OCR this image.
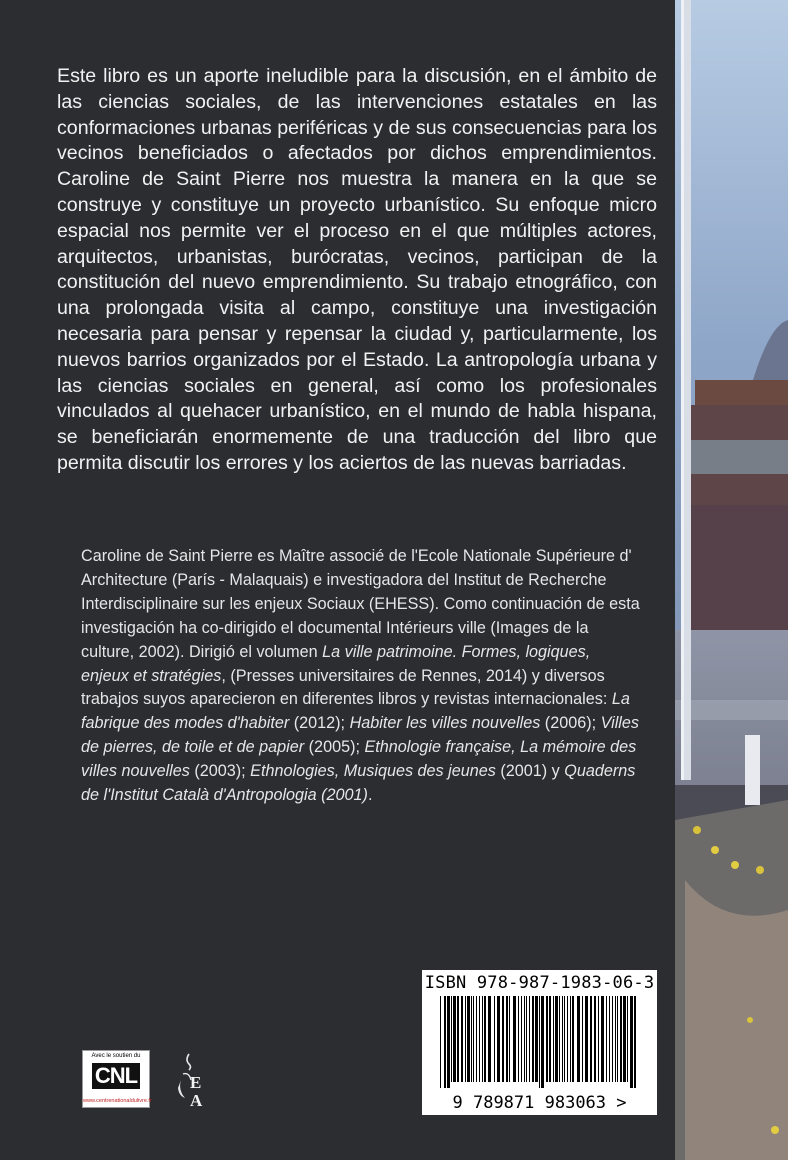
Este libro es un aporte ineludible para la discusión, en el ámbito de las ciencias sociales, de las intervenciones estatales en las conformaciones urbanas periféricas y de sus consecuencias para los vecinos beneficiados o afectados por dichos emprendimientos. Caroline de Saint Pierre nos muestra la manera en la que se construye y constituye un proyecto urbanístico. Su enfoque micro espacial nos permite ver el proceso en el que múltiples actores, arquitectos, urbanistas, burócratas, vecinos, participan de la constitución del nuevo emprendimiento. Su trabajo etnográfico, con una prolongada visita al campo, constituye una investigación necesaria para pensar y repensar la ciudad y, particularmente, los nuevos barrios organizados por el Estado. La antropología urbana y las ciencias sociales en general, así como los profesionales vinculados al quehacer urbanístico, en el mundo de habla hispana, se beneficiarán enormemente de una traducción del libro que permita discutir los errores y los aciertos de las nuevas barriadas.

Caroline de Saint Pierre es Maître associé de l'Ecole Nationale Supérieure d' Architecture (París - Malaquais) e investigadora del Institut de Recherche Interdisciplinaire sur les enjeux Sociaux (EHESS). Como continuación de esta investigación ha co-dirigido el documental Intérieurs ville (Images de la culture, 2002). Dirigió el volumen La ville patrimoine. Formes, logiques, enjeux et stratégies, (Presses universitaires de Rennes, 2014) y diversos trabajos suyos aparecieron en diferentes libros y revistas internacionales: La fabrique des modes d'habiter (2012); Habiter les villes nouvelles (2006); Villes de pierres, de toile et de papier (2005); Ethnologie française, La mémoire des villes nouvelles (2003); Ethnologies, Musiques des jeunes (2001) y Quaderns de l'Institut Català d'Antropologia (2001).

ISBN 978-987-1983-06-3
9 789871 983063 >
Avec le soutien du
CNL
www.centrenationaldulivre.fr
E
A
